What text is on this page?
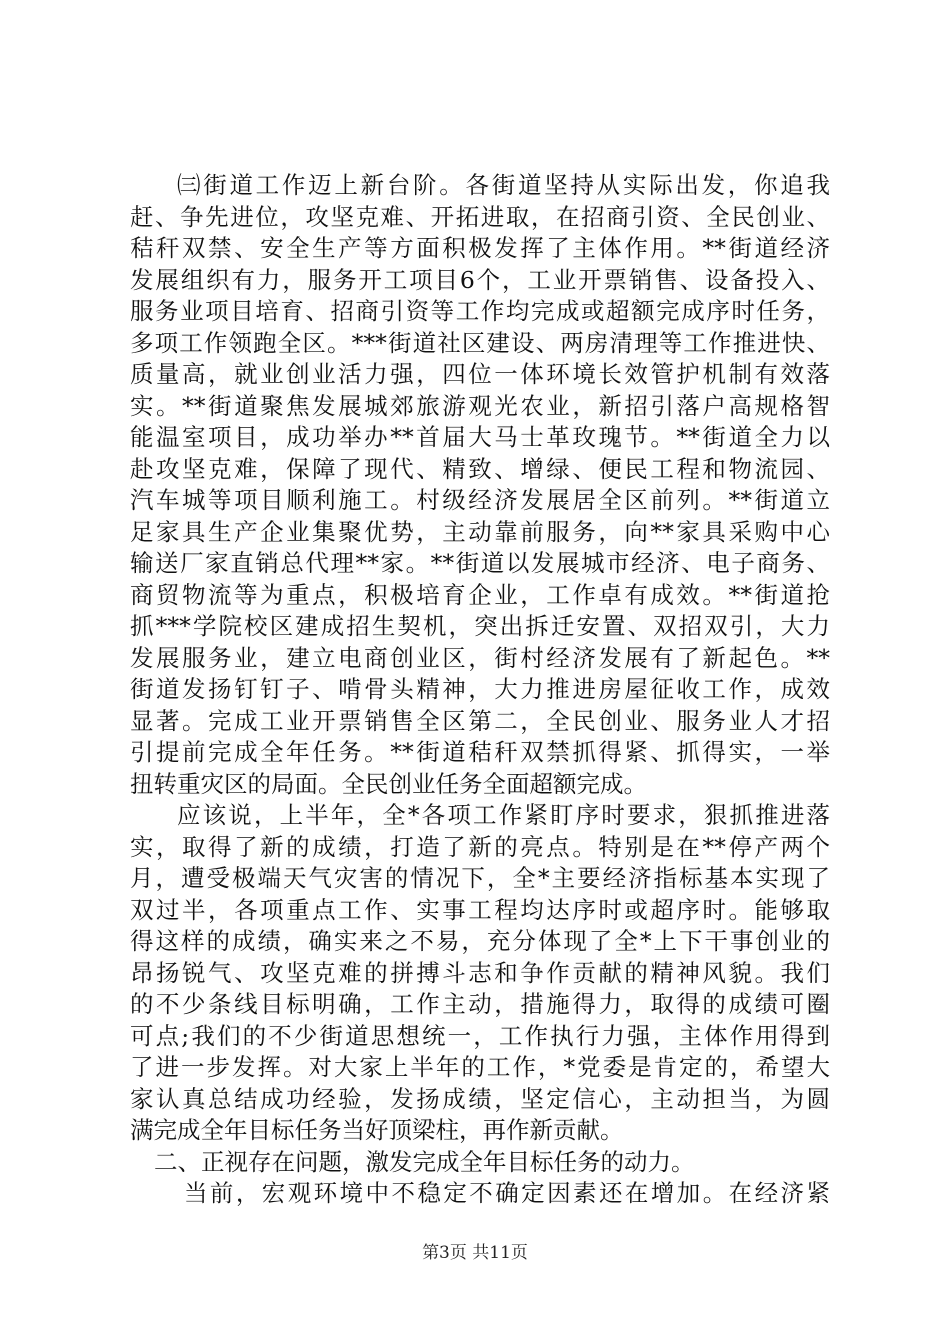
㈢街道工作迈上新台阶。各街道坚持从实际出发，你追我
赶、争先进位，攻坚克难、开拓进取，在招商引资、全民创业、
秸秆双禁、安全生产等方面积极发挥了主体作用。**街道经济
发展组织有力，服务开工项目6个，工业开票销售、设备投入、
服务业项目培育、招商引资等工作均完成或超额完成序时任务，
多项工作领跑全区。***街道社区建设、两房清理等工作推进快、
质量高，就业创业活力强，四位一体环境长效管护机制有效落
实。**街道聚焦发展城郊旅游观光农业，新招引落户高规格智
能温室项目，成功举办**首届大马士革玫瑰节。**街道全力以
赴攻坚克难，保障了现代、精致、增绿、便民工程和物流园、
汽车城等项目顺利施工。村级经济发展居全区前列。**街道立
足家具生产企业集聚优势，主动靠前服务，向**家具采购中心
输送厂家直销总代理**家。**街道以发展城市经济、电子商务、
商贸物流等为重点，积极培育企业，工作卓有成效。**街道抢
抓***学院校区建成招生契机，突出拆迁安置、双招双引，大力
发展服务业，建立电商创业区，街村经济发展有了新起色。**
街道发扬钉钉子、啃骨头精神，大力推进房屋征收工作，成效
显著。完成工业开票销售全区第二，全民创业、服务业人才招
引提前完成全年任务。**街道秸秆双禁抓得紧、抓得实，一举
扭转重灾区的局面。全民创业任务全面超额完成。
应该说，上半年，全*各项工作紧盯序时要求，狠抓推进落
实，取得了新的成绩，打造了新的亮点。特别是在**停产两个
月，遭受极端天气灾害的情况下，全*主要经济指标基本实现了
双过半，各项重点工作、实事工程均达序时或超序时。能够取
得这样的成绩，确实来之不易，充分体现了全*上下干事创业的
昂扬锐气、攻坚克难的拼搏斗志和争作贡献的精神风貌。我们
的不少条线目标明确，工作主动，措施得力，取得的成绩可圈
可点;我们的不少街道思想统一，工作执行力强，主体作用得到
了进一步发挥。对大家上半年的工作，*党委是肯定的，希望大
家认真总结成功经验，发扬成绩，坚定信心，主动担当，为圆
满完成全年目标任务当好顶梁柱，再作新贡献。
二、正视存在问题，激发完成全年目标任务的动力。
当前，宏观环境中不稳定不确定因素还在增加。在经济紧
第3页 共11页
